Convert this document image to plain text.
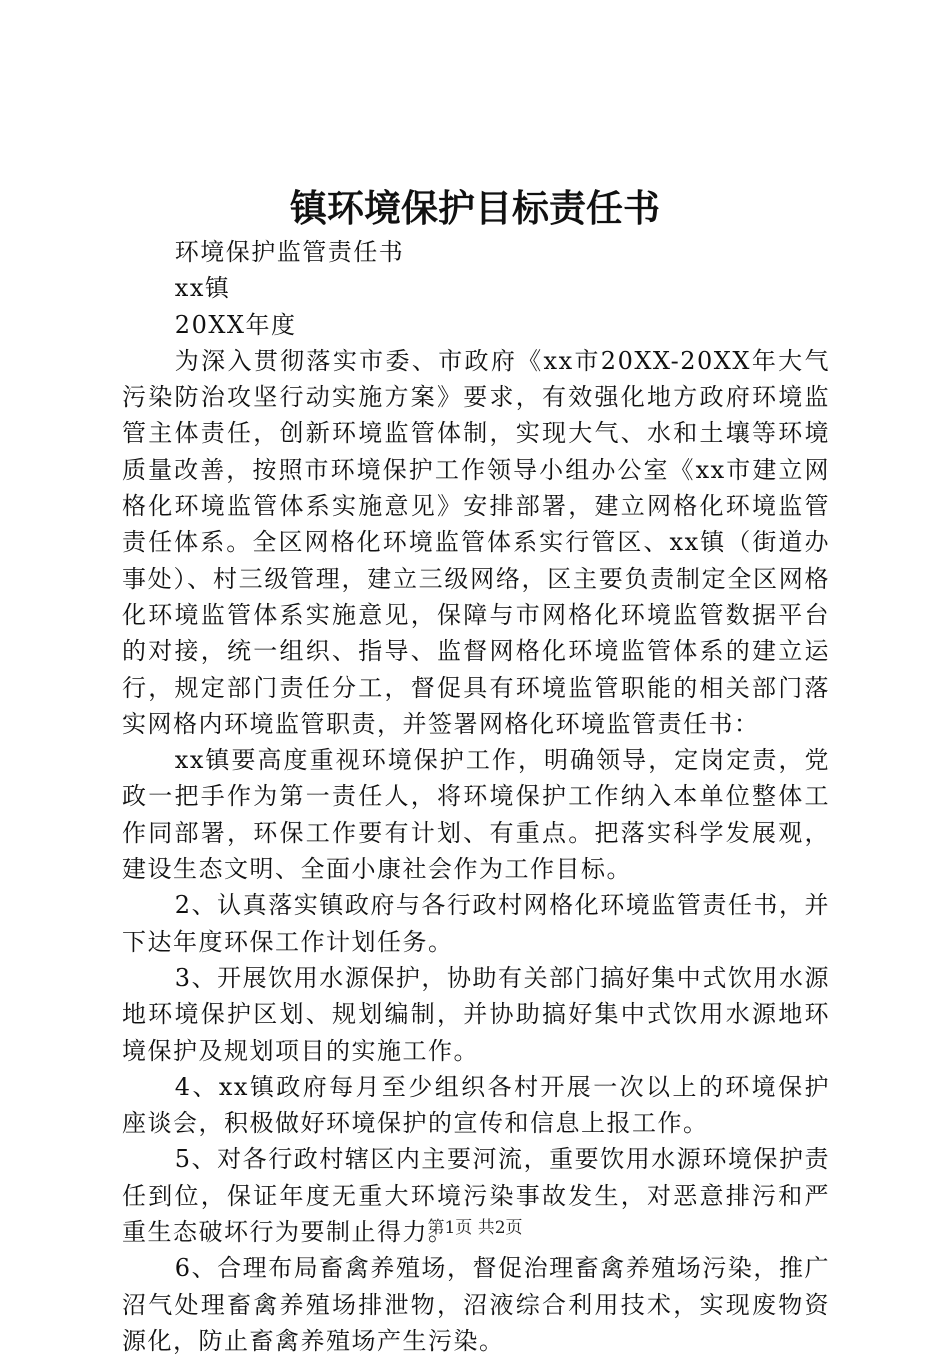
镇环境保护目标责任书

环境保护监管责任书

xx镇

20XX年度

为深入贯彻落实市委、市政府《xx市20XX-20XX年大气污染防治攻坚行动实施方案》要求，有效强化地方政府环境监管主体责任，创新环境监管体制，实现大气、水和土壤等环境质量改善，按照市环境保护工作领导小组办公室《xx市建立网格化环境监管体系实施意见》安排部署，建立网格化环境监管责任体系。全区网格化环境监管体系实行管区、xx镇（街道办事处）、村三级管理，建立三级网络，区主要负责制定全区网格化环境监管体系实施意见，保障与市网格化环境监管数据平台的对接，统一组织、指导、监督网格化环境监管体系的建立运行，规定部门责任分工，督促具有环境监管职能的相关部门落实网格内环境监管职责，并签署网格化环境监管责任书：

xx镇要高度重视环境保护工作，明确领导，定岗定责，党政一把手作为第一责任人，将环境保护工作纳入本单位整体工作同部署，环保工作要有计划、有重点。把落实科学发展观，建设生态文明、全面小康社会作为工作目标。

2、认真落实镇政府与各行政村网格化环境监管责任书，并下达年度环保工作计划任务。

3、开展饮用水源保护，协助有关部门搞好集中式饮用水源地环境保护区划、规划编制，并协助搞好集中式饮用水源地环境保护及规划项目的实施工作。

4、xx镇政府每月至少组织各村开展一次以上的环境保护座谈会，积极做好环境保护的宣传和信息上报工作。

5、对各行政村辖区内主要河流，重要饮用水源环境保护责任到位，保证年度无重大环境污染事故发生，对恶意排污和严重生态破坏行为要制止得力。

6、合理布局畜禽养殖场，督促治理畜禽养殖场污染，推广沼气处理畜禽养殖场排泄物，沼液综合利用技术，实现废物资源化，防止畜禽养殖场产生污染。

第1页 共2页
